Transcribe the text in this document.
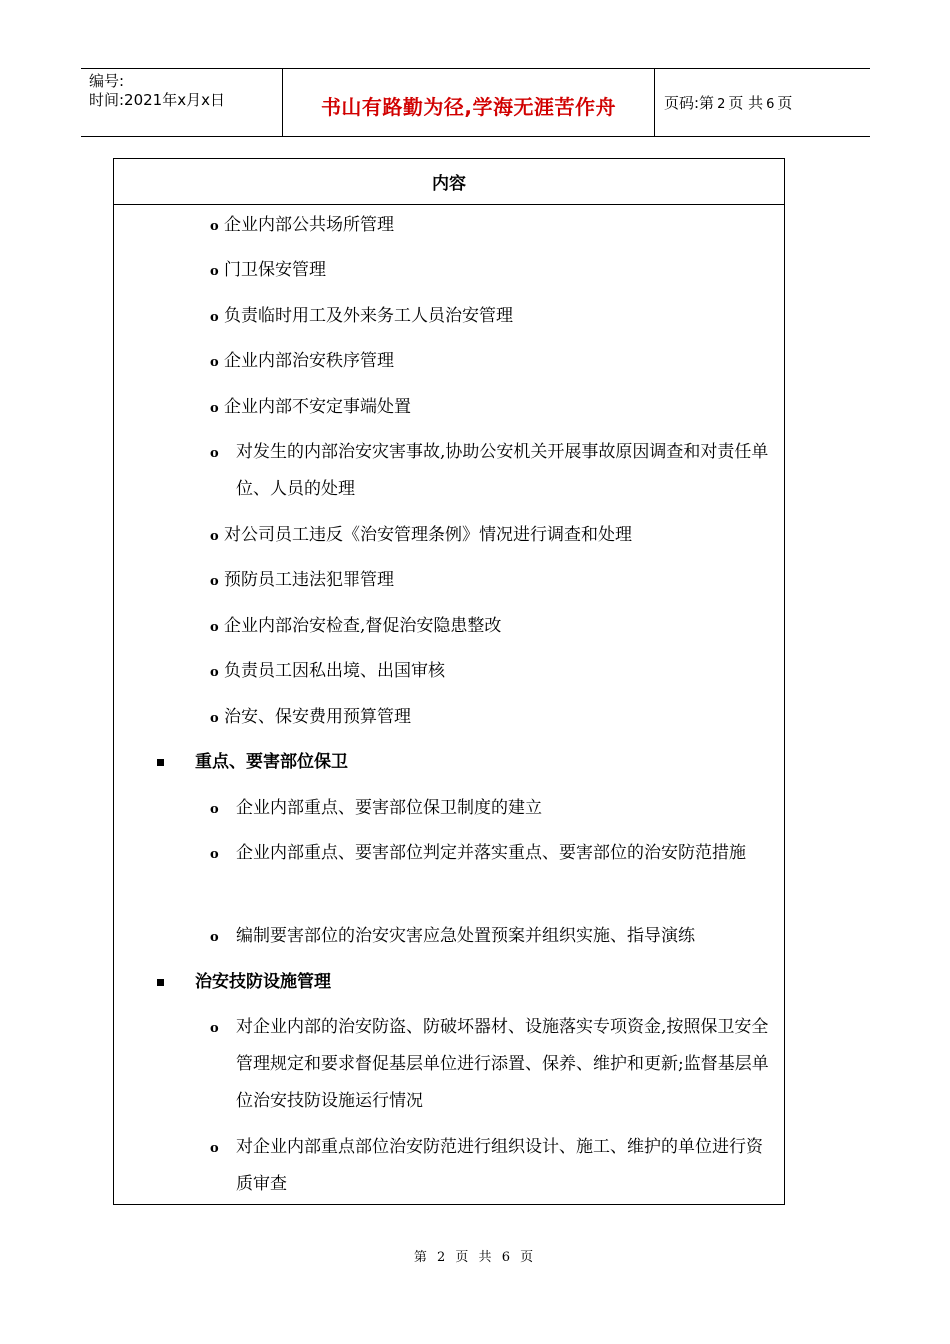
编号:
时间:2021年x月x日	书山有路勤为径,学海无涯苦作舟	页码:第 2 页 共 6 页
内容
o 企业内部公共场所管理
o 门卫保安管理
o 负责临时用工及外来务工人员治安管理
o 企业内部治安秩序管理
o 企业内部不安定事端处置
o	对发生的内部治安灾害事故,协助公安机关开展事故原因调查和对责任单位、人员的处理
o 对公司员工违反《治安管理条例》情况进行调查和处理
o 预防员工违法犯罪管理
o 企业内部治安检查,督促治安隐患整改
o 负责员工因私出境、出国审核
o 治安、保安费用预算管理
重点、要害部位保卫
o	企业内部重点、要害部位保卫制度的建立
o	企业内部重点、要害部位判定并落实重点、要害部位的治安防范措施
o	编制要害部位的治安灾害应急处置预案并组织实施、指导演练
治安技防设施管理
o	对企业内部的治安防盗、防破坏器材、设施落实专项资金,按照保卫安全管理规定和要求督促基层单位进行添置、保养、维护和更新;监督基层单位治安技防设施运行情况
o	对企业内部重点部位治安防范进行组织设计、施工、维护的单位进行资质审查
第 2 页 共 6 页
